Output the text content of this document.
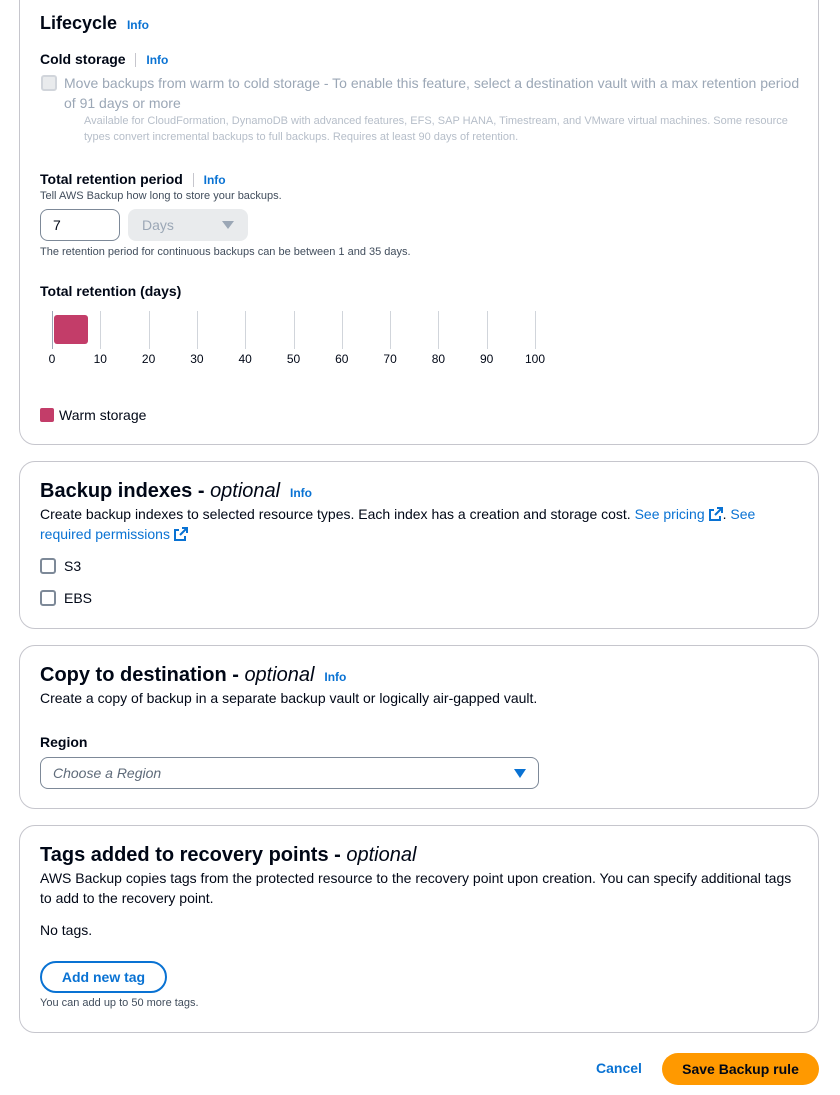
Lifecycle Info
Cold storage Info
Move backups from warm to cold storage - To enable this feature, select a destination vault with a max retention period of 91 days or more
Available for CloudFormation, DynamoDB with advanced features, EFS, SAP HANA, Timestream, and VMware virtual machines. Some resource types convert incremental backups to full backups. Requires at least 90 days of retention.
Total retention period Info
Tell AWS Backup how long to store your backups.
7	Days
The retention period for continuous backups can be between 1 and 35 days.
Total retention (days)
0	10	20	30	40	50	60	70	80	90	100
Warm storage
Backup indexes - optional Info
Create backup indexes to selected resource types. Each index has a creation and storage cost. See pricing . See required permissions
S3
EBS
Copy to destination - optional Info
Create a copy of backup in a separate backup vault or logically air-gapped vault.
Region
Choose a Region
Tags added to recovery points - optional
AWS Backup copies tags from the protected resource to the recovery point upon creation. You can specify additional tags to add to the recovery point.
No tags.
Add new tag
You can add up to 50 more tags.
Cancel	Save Backup rule
